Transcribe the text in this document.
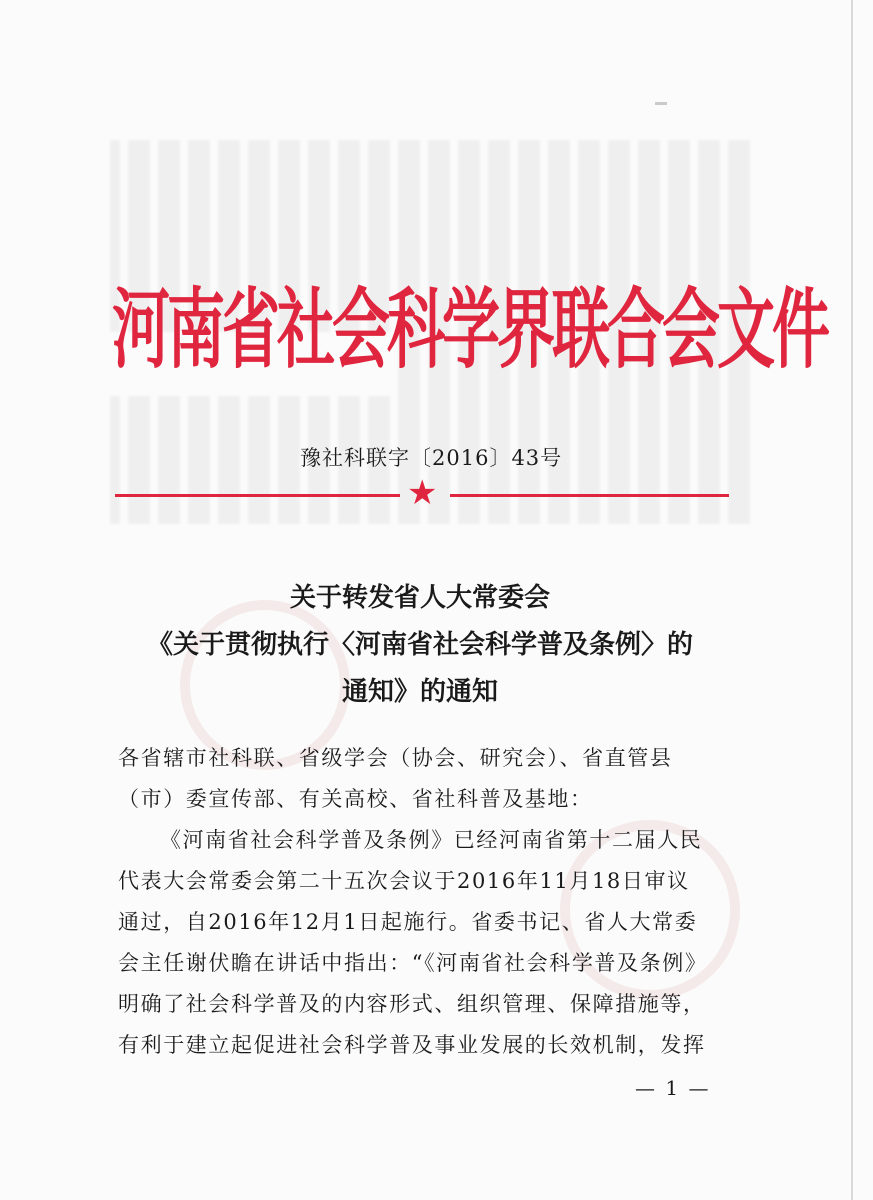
河南省社会科学界联合会文件
豫社科联字〔2016〕43号
★
关于转发省人大常委会
《关于贯彻执行〈河南省社会科学普及条例〉的
通知》的通知
各省辖市社科联、省级学会（协会、研究会）、省直管县
（市）委宣传部、有关高校、省社科普及基地：
《河南省社会科学普及条例》已经河南省第十二届人民
代表大会常委会第二十五次会议于2016年11月18日审议
通过，自2016年12月1日起施行。省委书记、省人大常委
会主任谢伏瞻在讲话中指出：“《河南省社会科学普及条例》
明确了社会科学普及的内容形式、组织管理、保障措施等，
有利于建立起促进社会科学普及事业发展的长效机制，发挥
— 1 —
